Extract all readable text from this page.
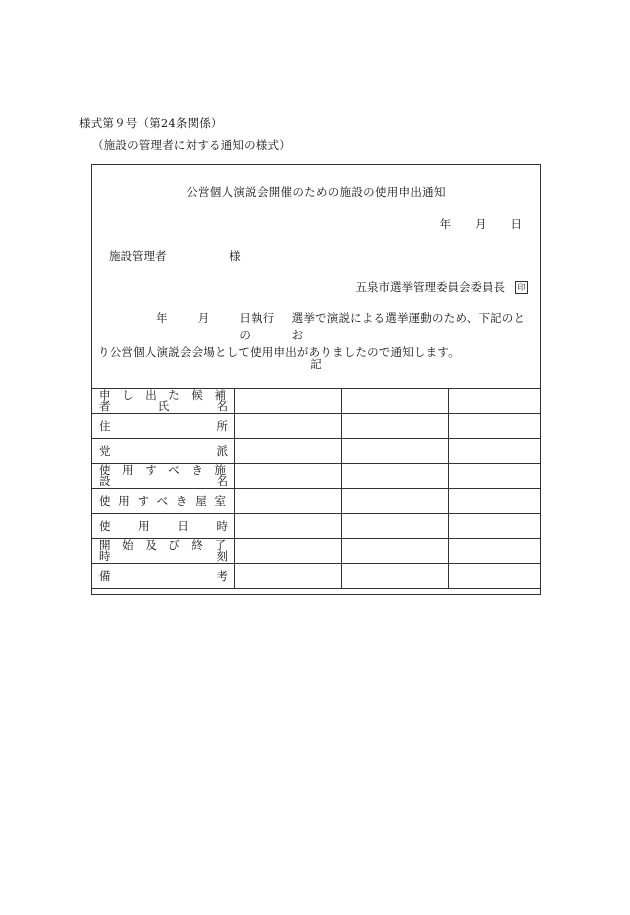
様式第９号（第24条関係）
（施設の管理者に対する通知の様式）
公営個人演説会開催のための施設の使用申出通知
年 月 日
施設管理者	様
五泉市選挙管理委員会委員長	印
年	月	日執行の
選挙で演説による選挙運動のため、下記のとお
り公営個人演説会会場として使用申出がありましたので通知します。
記
申し出た候補
者 氏 名			

住 所			

党 派			

使用すべき施
設 名			

使用すべき屋室			

使 用 日 時			

開始及び終了
時 刻			

備 考			
